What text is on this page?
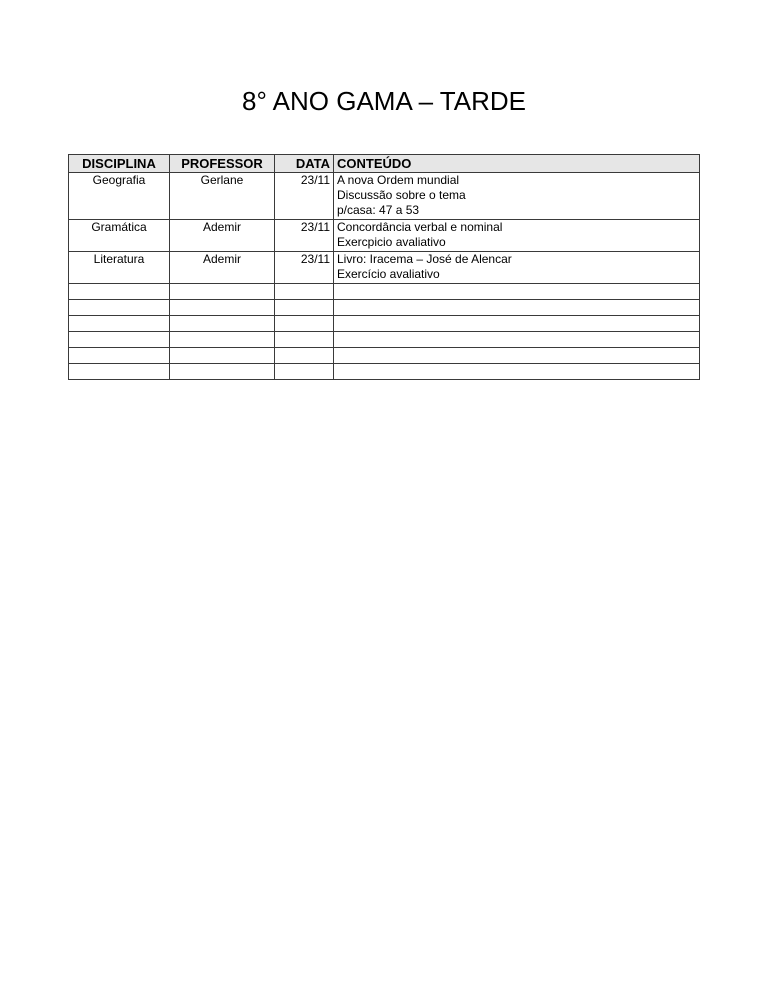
8° ANO GAMA – TARDE
DISCIPLINA	PROFESSOR	DATA	CONTEÚDO
Geografia	Gerlane	23/11	A nova Ordem mundial
Discussão sobre o tema
p/casa: 47 a 53

Gramática	Ademir	23/11	Concordância verbal e nominal
Exercpicio avaliativo

Literatura	Ademir	23/11	Livro: Iracema – José de Alencar
Exercício avaliativo
